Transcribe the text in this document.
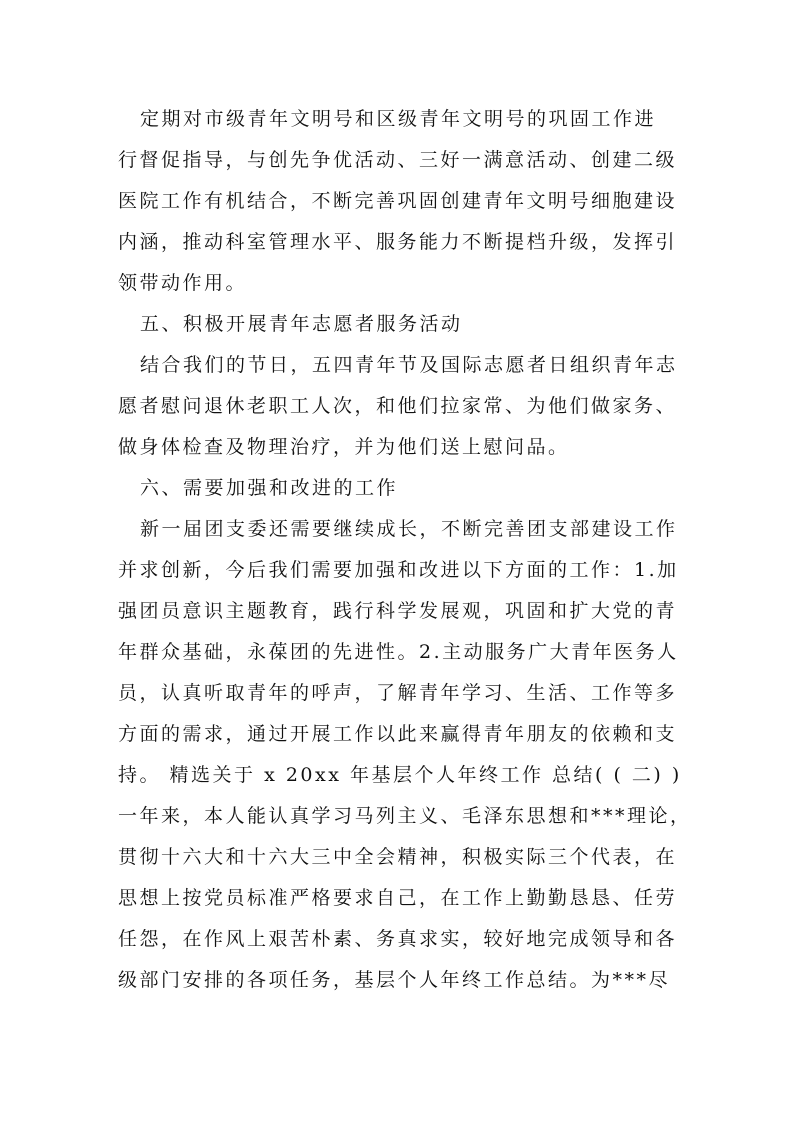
定期对市级青年文明号和区级青年文明号的巩固工作进
行督促指导，与创先争优活动、三好一满意活动、创建二级
医院工作有机结合，不断完善巩固创建青年文明号细胞建设
内涵，推动科室管理水平、服务能力不断提档升级，发挥引
领带动作用。
五、积极开展青年志愿者服务活动
结合我们的节日，五四青年节及国际志愿者日组织青年志
愿者慰问退休老职工人次，和他们拉家常、为他们做家务、
做身体检查及物理治疗，并为他们送上慰问品。
六、需要加强和改进的工作
新一届团支委还需要继续成长，不断完善团支部建设工作
并求创新，今后我们需要加强和改进以下方面的工作：1.加
强团员意识主题教育，践行科学发展观，巩固和扩大党的青
年群众基础，永葆团的先进性。2.主动服务广大青年医务人
员，认真听取青年的呼声，了解青年学习、生活、工作等多
方面的需求，通过开展工作以此来赢得青年朋友的依赖和支
持。 精选关于 x 20xx 年基层个人年终工作 总结( ( 二) )
一年来，本人能认真学习马列主义、毛泽东思想和***理论，
贯彻十六大和十六大三中全会精神，积极实际三个代表，在
思想上按党员标准严格要求自己，在工作上勤勤恳恳、任劳
任怨，在作风上艰苦朴素、务真求实，较好地完成领导和各
级部门安排的各项任务，基层个人年终工作总结。为***尽
